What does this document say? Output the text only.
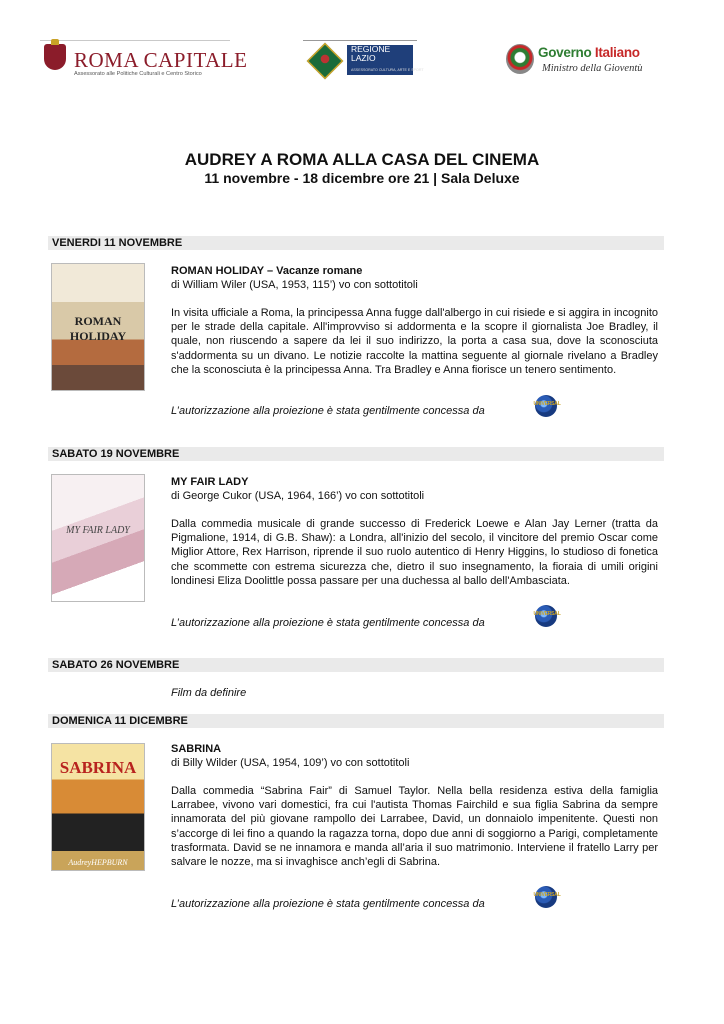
ROMA CAPITALE
Assessorato alle Politiche Culturali e Centro Storico
REGIONE
LAZIO
ASSESSORATO CULTURA, ARTE E SPORT
Governo Italiano
Ministro della Gioventù
AUDREY A ROMA ALLA CASA DEL CINEMA
11 novembre - 18 dicembre ore 21 | Sala Deluxe
VENERDI 11 NOVEMBRE
ROMAN HOLIDAY
ROMAN HOLIDAY – Vacanze romane
di William Wiler (USA, 1953, 115’) vo con sottotitoli
In visita ufficiale a Roma, la principessa Anna fugge dall'albergo in cui risiede e si aggira in incognito per le strade della capitale. All'improvviso si addormenta e la scopre il giornalista Joe Bradley, il quale, non riuscendo a sapere da lei il suo indirizzo, la porta a casa sua, dove la sconosciuta s'addormenta su un divano. Le notizie raccolte la mattina seguente al giornale rivelano a Bradley che la sconosciuta è la principessa Anna. Tra Bradley e Anna fiorisce un tenero sentimento.
L’autorizzazione alla proiezione è stata gentilmente concessa da
UNIVERSAL
SABATO 19 NOVEMBRE
MY FAIR LADY
MY FAIR LADY
di George Cukor (USA, 1964, 166’) vo con sottotitoli
Dalla commedia musicale di grande successo di Frederick Loewe e Alan Jay Lerner (tratta da Pigmalione, 1914, di G.B. Shaw): a Londra, all'inizio del secolo, il vincitore del premio Oscar come Miglior Attore, Rex Harrison, riprende il suo ruolo autentico di Henry Higgins, lo studioso di fonetica che scommette con estrema sicurezza che, dietro il suo insegnamento, la fioraia di umili origini londinesi Eliza Doolittle possa passare per una duchessa al ballo dell'Ambasciata.
L’autorizzazione alla proiezione è stata gentilmente concessa da
UNIVERSAL
SABATO 26 NOVEMBRE
Film da definire
DOMENICA 11 DICEMBRE
SABRINA
AudreyHEPBURN
SABRINA
di Billy Wilder (USA, 1954, 109’) vo con sottotitoli
Dalla commedia “Sabrina Fair” di Samuel Taylor. Nella bella residenza estiva della famiglia Larrabee, vivono vari domestici, fra cui l'autista Thomas Fairchild e sua figlia Sabrina da sempre innamorata del più giovane rampollo dei Larrabee, David, un donnaiolo impenitente. Questi non s’accorge di lei fino a quando la ragazza torna, dopo due anni di soggiorno a Parigi, completamente trasformata. David se ne innamora e manda all’aria il suo matrimonio. Interviene il fratello Larry per salvare le nozze, ma si invaghisce anch’egli di Sabrina.
L’autorizzazione alla proiezione è stata gentilmente concessa da
UNIVERSAL
